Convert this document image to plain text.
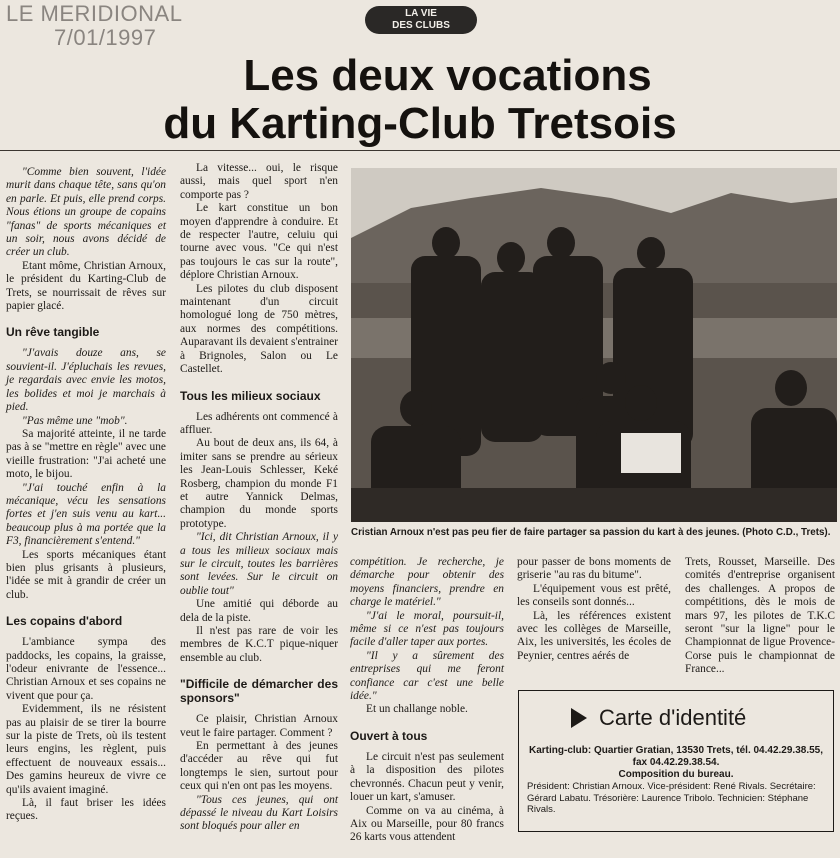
LE MERIDIONAL
7/01/1997
LA VIE
DES CLUBS
Les deux vocations
du Karting-Club Tretsois

"Comme bien souvent, l'idée murit dans chaque tête, sans qu'on en parle. Et puis, elle prend corps. Nous étions un groupe de copains "fanas" de sports mécaniques et un soir, nous avons décidé de créer un club.

Etant môme, Christian Arnoux, le président du Karting-Club de Trets, se nourrissait de rêves sur papier glacé.

Un rêve tangible

"J'avais douze ans, se souvient-il. J'épluchais les revues, je regardais avec envie les motos, les bolides et moi je marchais à pied.

"Pas même une "mob".

Sa majorité atteinte, il ne tarde pas à se "mettre en règle" avec une vieille frustration: "J'ai acheté une moto, le bijou.

"J'ai touché enfin à la mécanique, vécu les sensations fortes et j'en suis venu au kart... beaucoup plus à ma portée que la F3, financièrement s'entend."

Les sports mécaniques étant bien plus grisants à plusieurs, l'idée se mit à grandir de créer un club.

Les copains d'abord

L'ambiance sympa des paddocks, les copains, la graisse, l'odeur enivrante de l'essence... Christian Arnoux et ses copains ne vivent que pour ça.

Evidemment, ils ne résistent pas au plaisir de se tirer la bourre sur la piste de Trets, où ils testent leurs engins, les règlent, puis effectuent de nouveaux essais... Des gamins heureux de vivre ce qu'ils avaient imaginé.

Là, il faut briser les idées reçues.

La vitesse... oui, le risque aussi, mais quel sport n'en comporte pas ?

Le kart constitue un bon moyen d'apprendre à conduire. Et de respecter l'autre, celuiu qui tourne avec vous. "Ce qui n'est pas toujours le cas sur la route", déplore Christian Arnoux.

Les pilotes du club disposent maintenant d'un circuit homologué long de 750 mètres, aux normes des compétitions. Auparavant ils devaient s'entrainer à Brignoles, Salon ou Le Castellet.

Tous les milieux sociaux

Les adhérents ont commencé à affluer.

Au bout de deux ans, ils 64, à imiter sans se prendre au sérieux les Jean-Louis Schlesser, Keké Rosberg, champion du monde F1 et autre Yannick Delmas, champion du monde sports prototype.

"Ici, dit Christian Arnoux, il y a tous les milieux sociaux mais sur le circuit, toutes les barrières sont levées. Sur le circuit on oublie tout"

Une amitié qui déborde au dela de la piste.

Il n'est pas rare de voir les membres de K.C.T pique-niquer ensemble au club.

"Difficile de démarcher des sponsors"

Ce plaisir, Christian Arnoux veut le faire partager. Comment ?

En permettant à des jeunes d'accéder au rêve qui fut longtemps le sien, surtout pour ceux qui n'en ont pas les moyens.

"Tous ces jeunes, qui ont dépassé le niveau du Kart Loisirs sont bloqués pour aller en

Cristian Arnoux n'est pas peu fier de faire partager sa passion du kart à des jeunes. (Photo C.D., Trets).

compétition. Je recherche, je démarche pour obtenir des moyens financiers, prendre en charge le matériel."

"J'ai le moral, poursuit-il, même si ce n'est pas toujours facile d'aller taper aux portes.

"Il y a sûrement des entreprises qui me feront confiance car c'est une belle idée."

Et un challange noble.

Ouvert à tous

Le circuit n'est pas seulement à la disposition des pilotes chevronnés. Chacun peut y venir, louer un kart, s'amuser.

Comme on va au cinéma, à Aix ou Marseille, pour 80 francs 26 karts vous attendent

pour passer de bons moments de griserie "au ras du bitume".

L'équipement vous est prêté, les conseils sont donnés...

Là, les références existent avec les collèges de Marseille, Aix, les universités, les écoles de Peynier, centres aérés de

Trets, Rousset, Marseille. Des comités d'entreprise organisent des challenges. A propos de compétitions, dès le mois de mars 97, les pilotes de T.K.C seront "sur la ligne" pour le Championnat de ligue Provence-Corse puis le championnat de France...

Carte d'identité
Karting-club: Quartier Gratian, 13530 Trets, tél. 04.42.29.38.55, fax 04.42.29.38.54.
Composition du bureau.
Président: Christian Arnoux. Vice-président: René Rivals. Secrétaire: Gérard Labatu. Trésorière: Laurence Tribolo. Technicien: Stéphane Rivals.
